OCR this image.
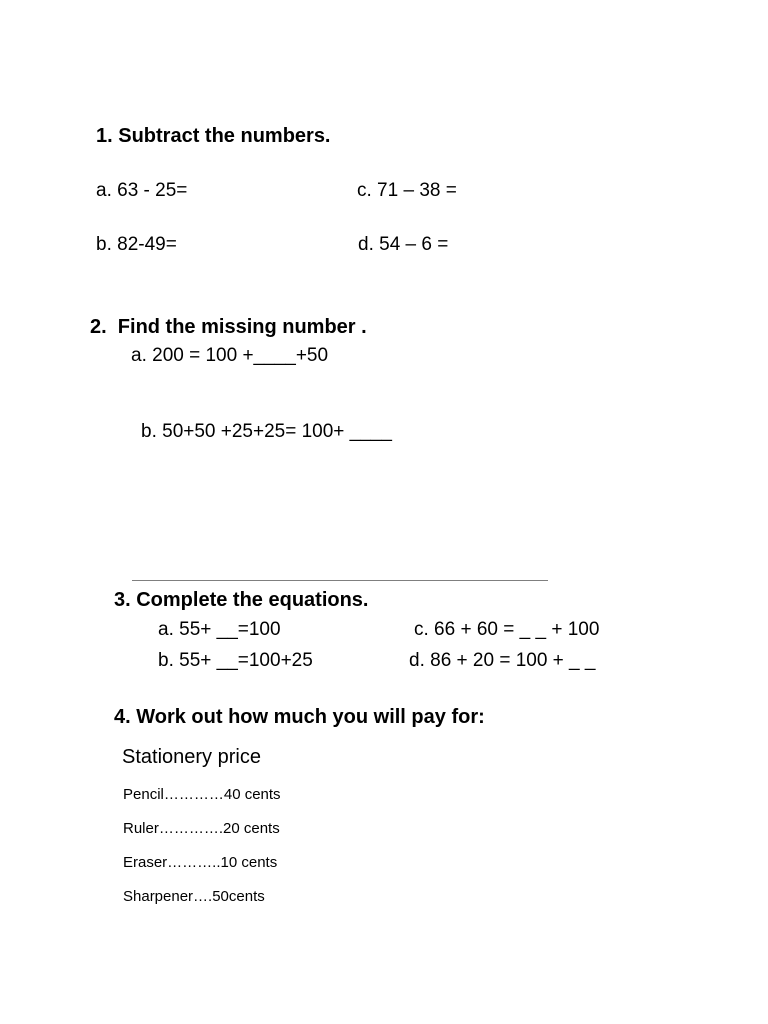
1. Subtract the numbers.
a. 63 - 25=	c. 71 – 38 =
b. 82-49=	d. 54 – 6 =
2.  Find the missing number .
a. 200 = 100 +____+50
b. 50+50 +25+25= 100+ ____
3. Complete the equations.
a. 55+ __=100	c. 66 + 60 = _ _ + 100
b. 55+ __=100+25	d. 86 + 20 = 100 + _ _
4. Work out how much you will pay for:
Stationery price
Pencil…………40 cents
Ruler………….20 cents
Eraser………..10 cents
Sharpener….50cents
